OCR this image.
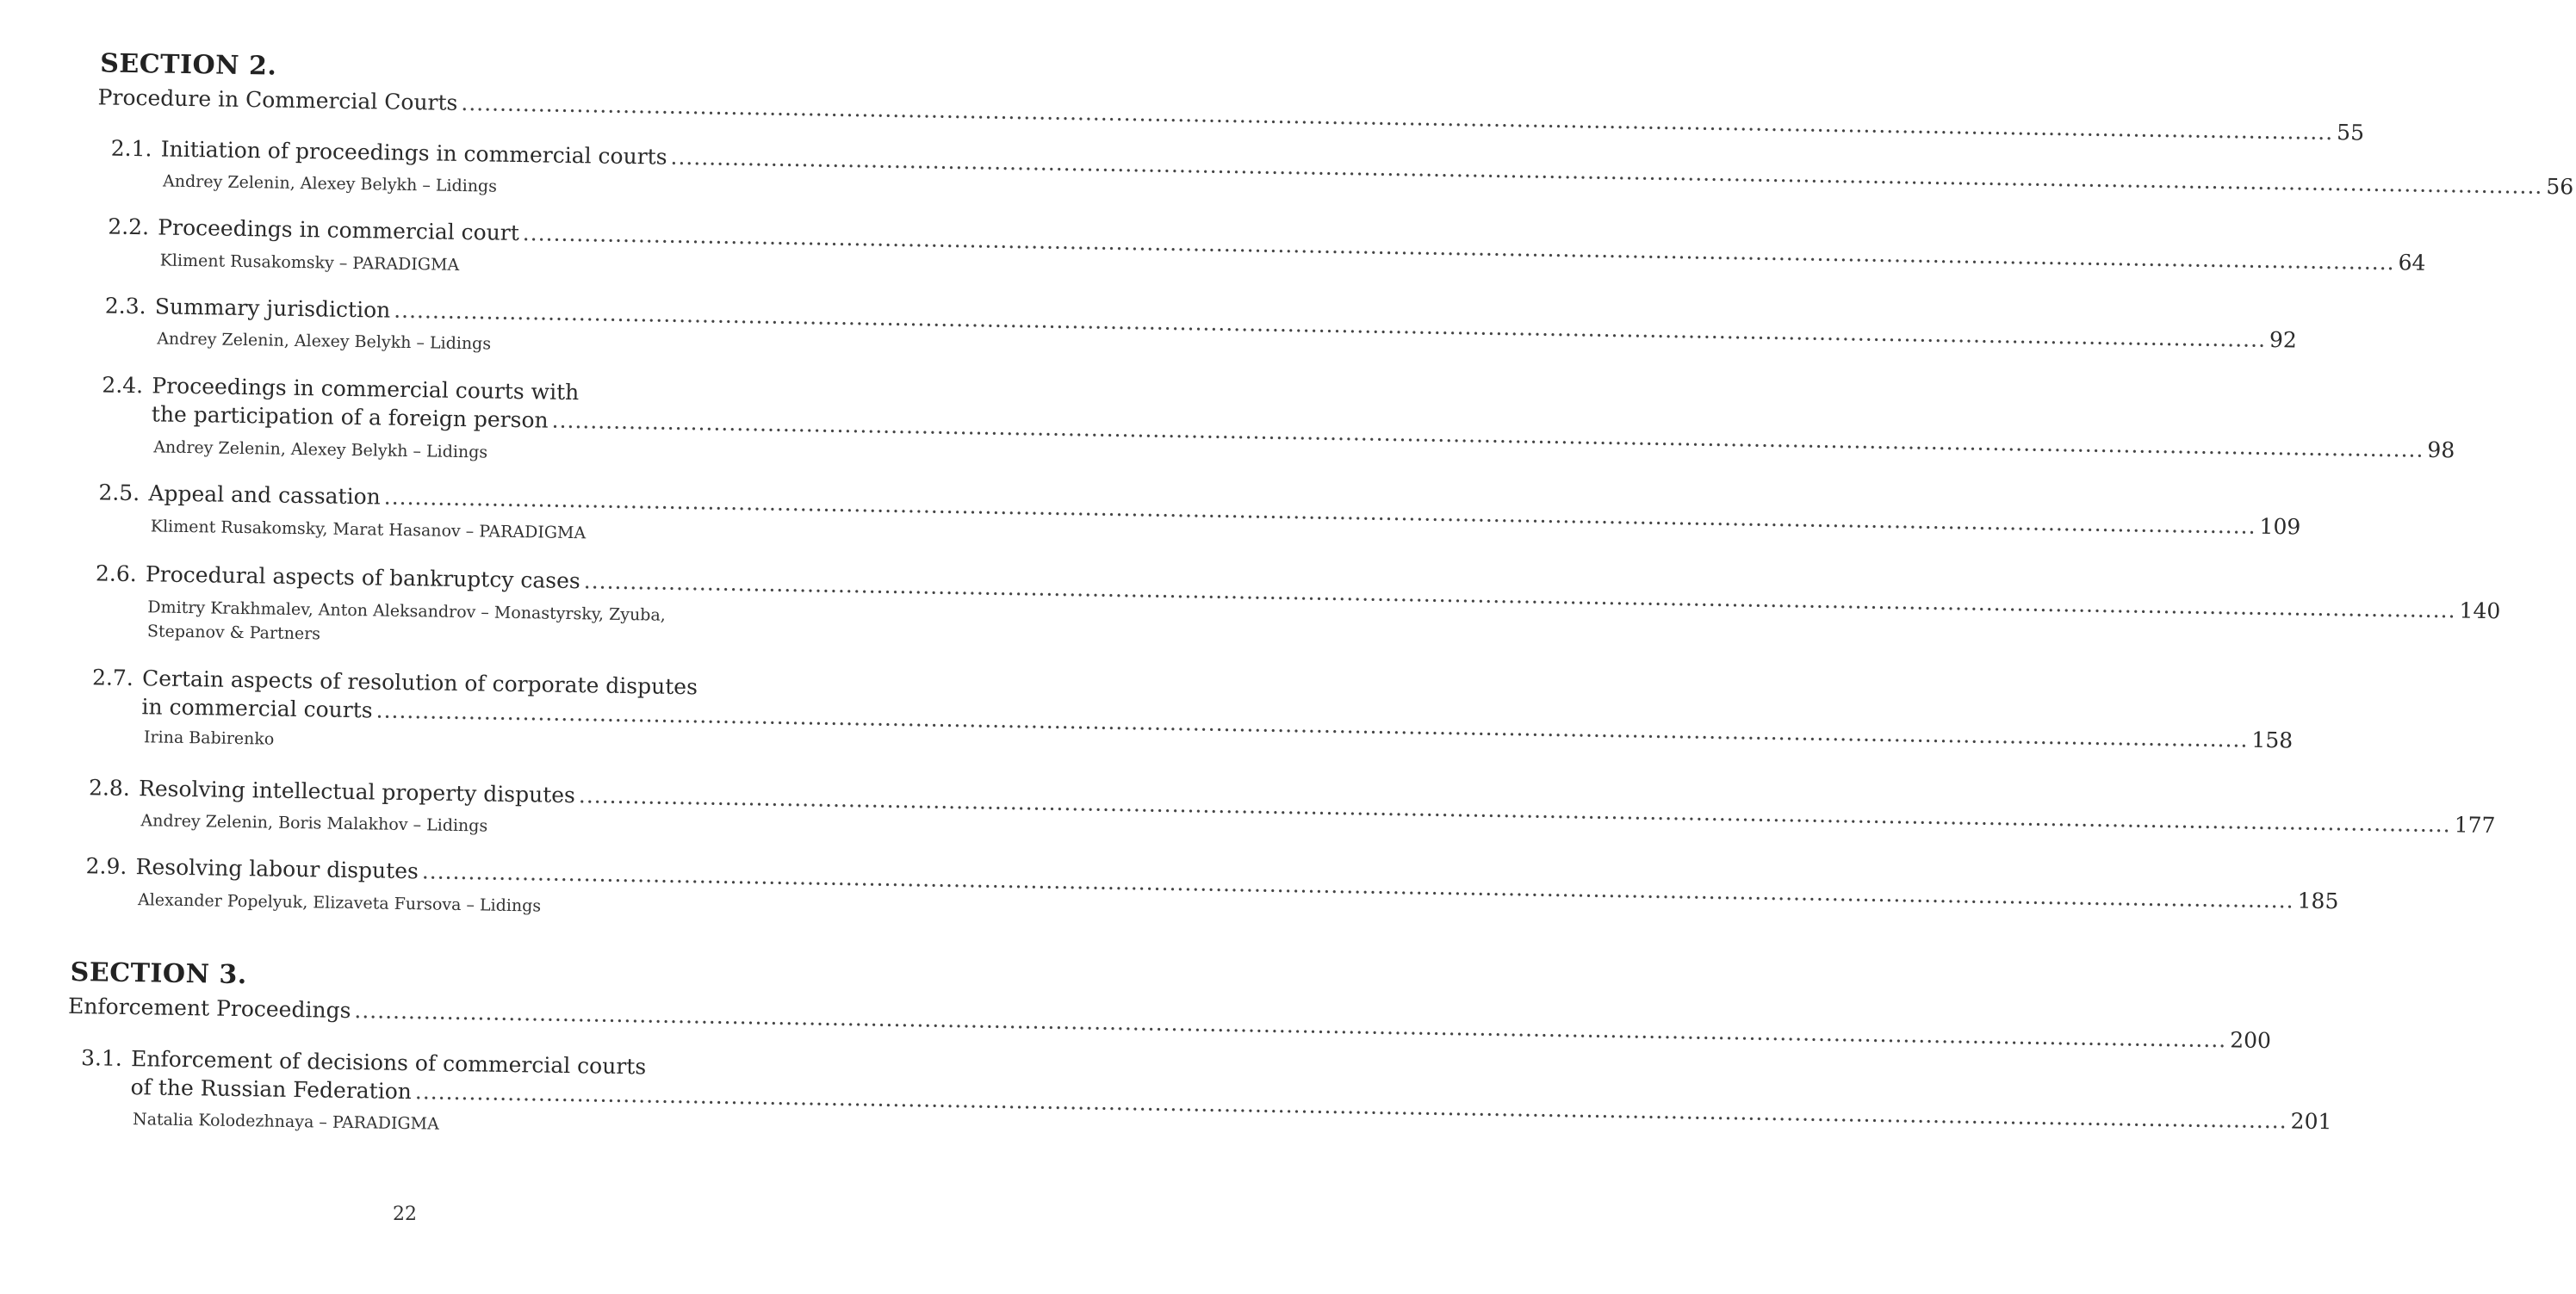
SECTION 2.
Procedure in Commercial Courts
.....
55
2.1. Initiation of proceedings in commercial courts
.....
56
Andrey Zelenin, Alexey Belykh – Lidings
2.2. Proceedings in commercial court
.....
64
Kliment Rusakomsky – PARADIGMA
2.3. Summary jurisdiction
.....
92
Andrey Zelenin, Alexey Belykh – Lidings
2.4. Proceedings in commercial courts with
the participation of a foreign person
.....
98
Andrey Zelenin, Alexey Belykh – Lidings
2.5. Appeal and cassation
.....
109
Kliment Rusakomsky, Marat Hasanov – PARADIGMA
2.6. Procedural aspects of bankruptcy cases
.....
140
Dmitry Krakhmalev, Anton Aleksandrov – Monastyrsky, Zyuba,
Stepanov & Partners
2.7. Certain aspects of resolution of corporate disputes
in commercial courts
.....
158
Irina Babirenko
2.8. Resolving intellectual property disputes
.....
177
Andrey Zelenin, Boris Malakhov – Lidings
2.9. Resolving labour disputes
.....
185
Alexander Popelyuk, Elizaveta Fursova – Lidings
SECTION 3.
Enforcement Proceedings
.....
200
3.1. Enforcement of decisions of commercial courts
of the Russian Federation
.....
201
Natalia Kolodezhnaya – PARADIGMA
22
